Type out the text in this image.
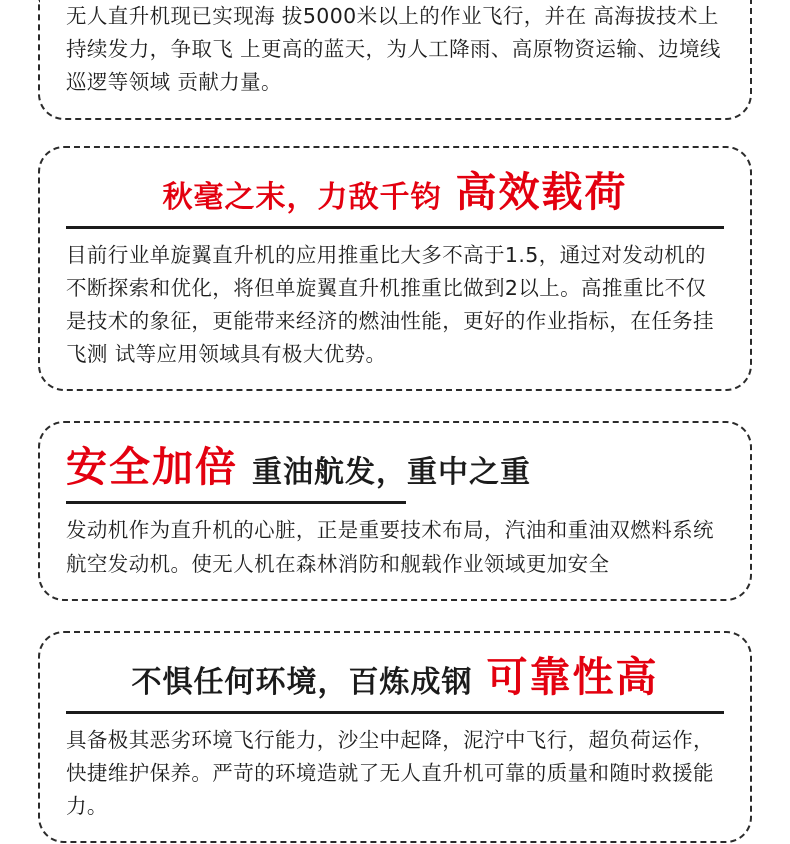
无人直升机现已实现海 拔5000米以上的作业飞行，并在 高海拔技术上持续发力，争取飞 上更高的蓝天，为人工降雨、高原物资运输、边境线巡逻等领域 贡献力量。
秋毫之末，力敌千钧 高效载荷
目前行业单旋翼直升机的应用推重比大多不高于1.5，通过对发动机的不断探索和优化，将但单旋翼直升机推重比做到2以上。高推重比不仅是技术的象征，更能带来经济的燃油性能，更好的作业指标，在任务挂飞测 试等应用领域具有极大优势。
安全加倍 重油航发，重中之重
发动机作为直升机的心脏，正是重要技术布局，汽油和重油双燃料系统航空发动机。使无人机在森林消防和舰载作业领域更加安全
不惧任何环境，百炼成钢 可靠性高
具备极其恶劣环境飞行能力，沙尘中起降，泥泞中飞行，超负荷运作，快捷维护保养。严苛的环境造就了无人直升机可靠的质量和随时救援能力。
